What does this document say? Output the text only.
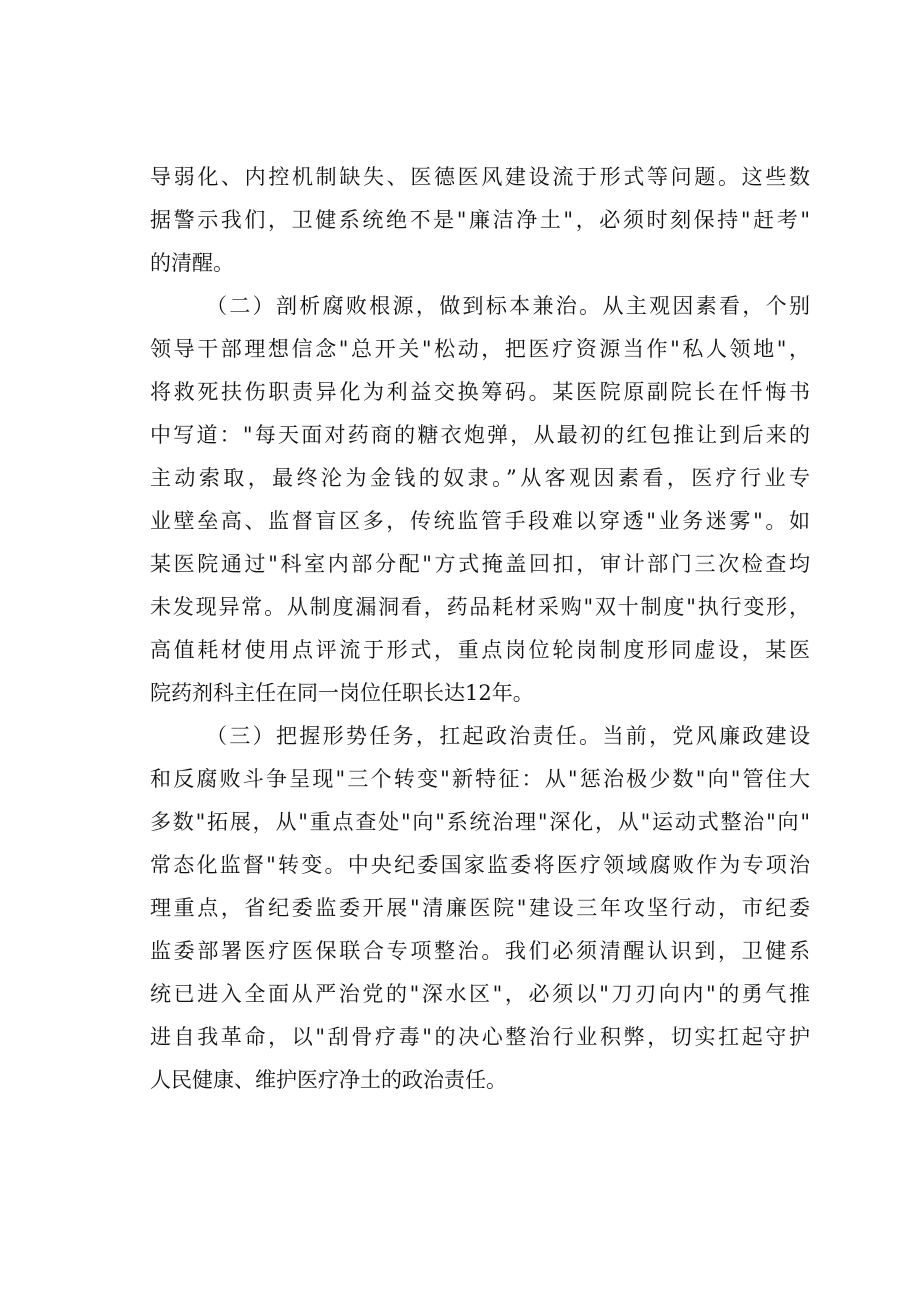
导弱化、内控机制缺失、医德医风建设流于形式等问题。这些数
据警示我们，卫健系统绝不是"廉洁净土"，必须时刻保持"赶考"
的清醒。
（二）剖析腐败根源，做到标本兼治。从主观因素看，个别
领导干部理想信念"总开关"松动，把医疗资源当作"私人领地"，
将救死扶伤职责异化为利益交换筹码。某医院原副院长在忏悔书
中写道："每天面对药商的糖衣炮弹，从最初的红包推让到后来的
主动索取，最终沦为金钱的奴隶。”从客观因素看，医疗行业专
业壁垒高、监督盲区多，传统监管手段难以穿透"业务迷雾"。如
某医院通过"科室内部分配"方式掩盖回扣，审计部门三次检查均
未发现异常。从制度漏洞看，药品耗材采购"双十制度"执行变形，
高值耗材使用点评流于形式，重点岗位轮岗制度形同虚设，某医
院药剂科主任在同一岗位任职长达12年。
（三）把握形势任务，扛起政治责任。当前，党风廉政建设
和反腐败斗争呈现"三个转变"新特征：从"惩治极少数"向"管住大
多数"拓展，从"重点查处"向"系统治理"深化，从"运动式整治"向"
常态化监督"转变。中央纪委国家监委将医疗领域腐败作为专项治
理重点，省纪委监委开展"清廉医院"建设三年攻坚行动，市纪委
监委部署医疗医保联合专项整治。我们必须清醒认识到，卫健系
统已进入全面从严治党的"深水区"，必须以"刀刃向内"的勇气推
进自我革命，以"刮骨疗毒"的决心整治行业积弊，切实扛起守护
人民健康、维护医疗净土的政治责任。
